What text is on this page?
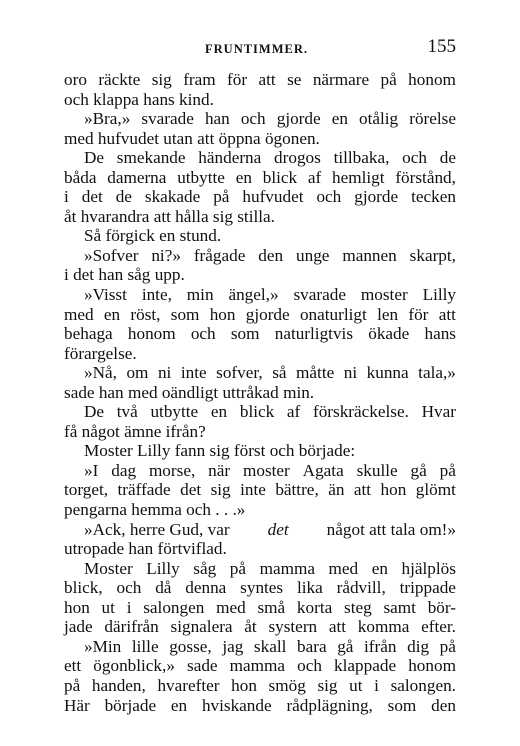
FRUNTIMMER.	155
oro räckte sig fram för att se närmare på honom
och klappa hans kind.
»Bra,» svarade han och gjorde en otålig rörelse
med hufvudet utan att öppna ögonen.
De smekande händerna drogos tillbaka, och de
båda damerna utbytte en blick af hemligt förstånd,
i det de skakade på hufvudet och gjorde tecken
åt hvarandra att hålla sig stilla.
Så förgick en stund.
»Sofver ni?» frågade den unge mannen skarpt,
i det han såg upp.
»Visst inte, min ängel,» svarade moster Lilly
med en röst, som hon gjorde onaturligt len för att
behaga honom och som naturligtvis ökade hans
förargelse.
»Nå, om ni inte sofver, så måtte ni kunna tala,»
sade han med oändligt uttråkad min.
De två utbytte en blick af förskräckelse. Hvar
få något ämne ifrån?
Moster Lilly fann sig först och började:
»I dag morse, när moster Agata skulle gå på
torget, träffade det sig inte bättre, än att hon glömt
pengarna hemma och . . .»
»Ack, herre Gud, var det något att tala om!»
utropade han förtviflad.
Moster Lilly såg på mamma med en hjälplös
blick, och då denna syntes lika rådvill, trippade
hon ut i salongen med små korta steg samt bör-
jade därifrån signalera åt systern att komma efter.
»Min lille gosse, jag skall bara gå ifrån dig på
ett ögonblick,» sade mamma och klappade honom
på handen, hvarefter hon smög sig ut i salongen.
Här började en hviskande rådplägning, som den
